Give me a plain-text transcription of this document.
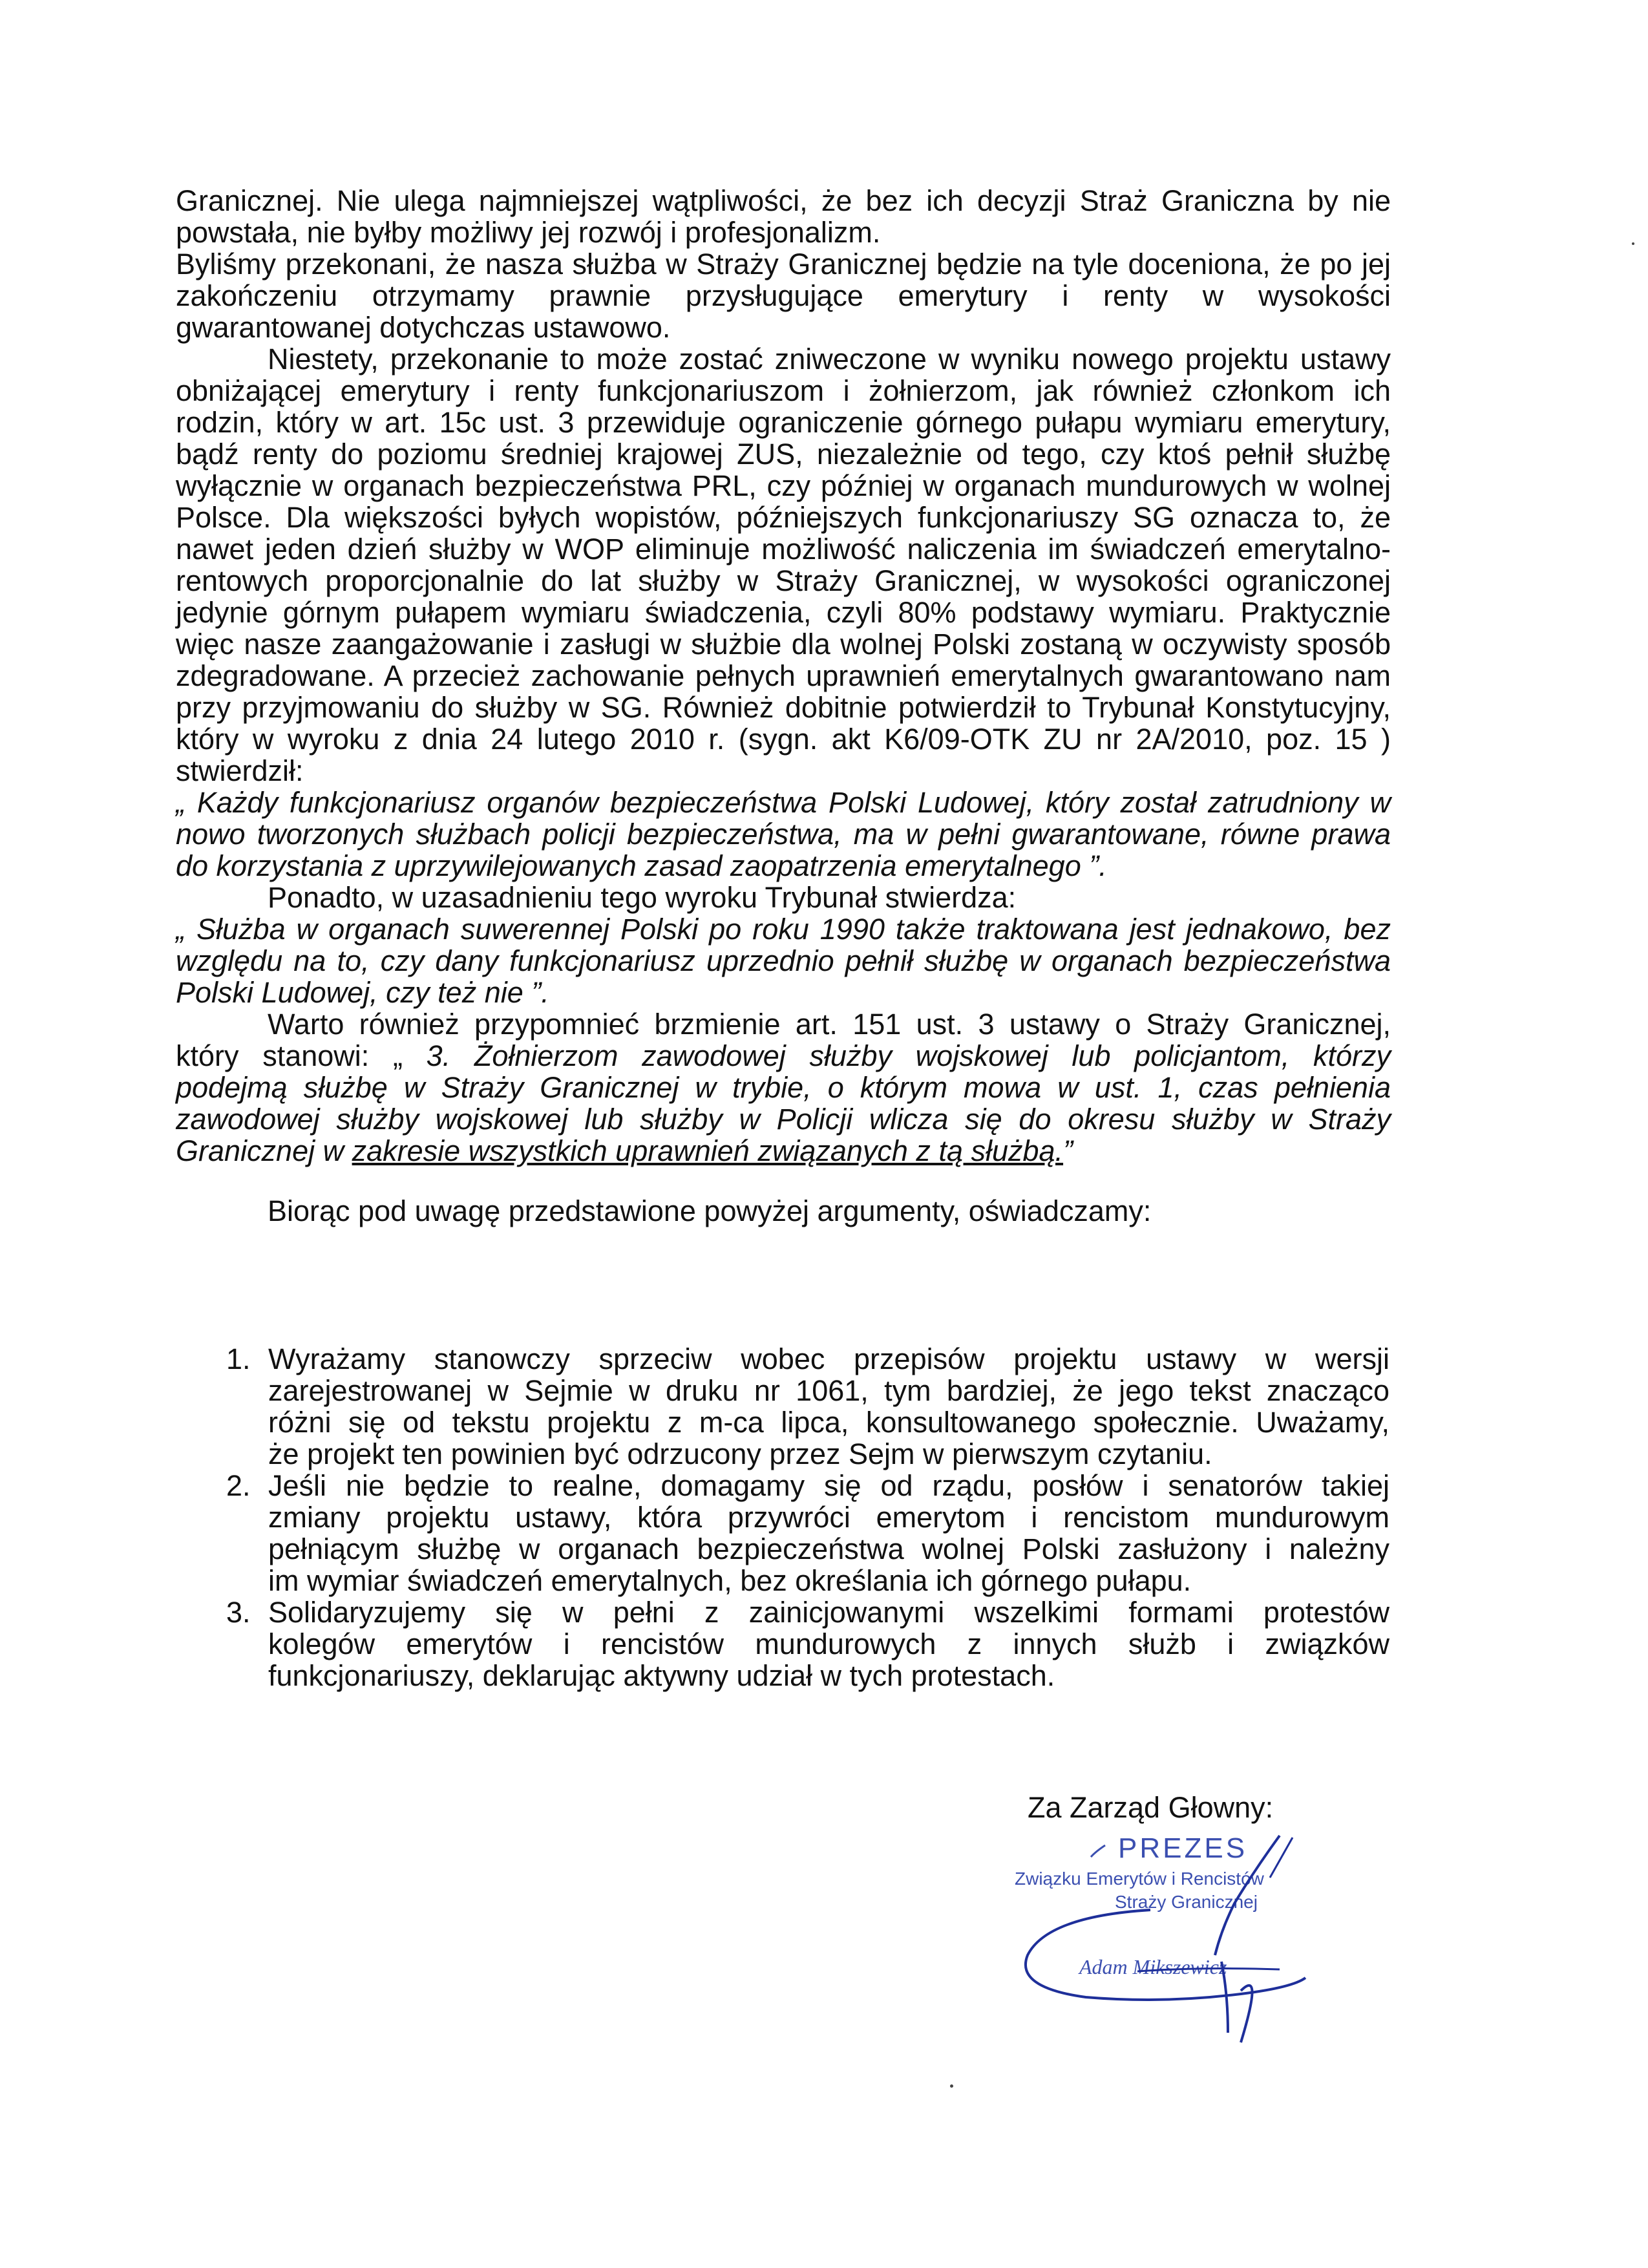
Granicznej. Nie ulega najmniejszej wątpliwości, że bez ich decyzji Straż Graniczna by nie
powstała, nie byłby możliwy jej rozwój i profesjonalizm.
Byliśmy przekonani, że nasza służba w Straży Granicznej będzie na tyle doceniona, że po jej
zakończeniu otrzymamy prawnie przysługujące emerytury i renty w wysokości
gwarantowanej dotychczas ustawowo.
Niestety, przekonanie to może zostać zniweczone w wyniku nowego projektu ustawy
obniżającej emerytury i renty funkcjonariuszom i żołnierzom, jak również członkom ich
rodzin, który w art. 15c ust. 3 przewiduje ograniczenie górnego pułapu wymiaru emerytury,
bądź renty do poziomu średniej krajowej ZUS, niezależnie od tego, czy ktoś pełnił służbę
wyłącznie w organach bezpieczeństwa PRL, czy później w organach mundurowych w wolnej
Polsce. Dla większości byłych wopistów, późniejszych funkcjonariuszy SG oznacza to, że
nawet jeden dzień służby w WOP eliminuje możliwość naliczenia im świadczeń emerytalno-
rentowych proporcjonalnie do lat służby w Straży Granicznej, w wysokości ograniczonej
jedynie górnym pułapem wymiaru świadczenia, czyli 80% podstawy wymiaru. Praktycznie
więc nasze zaangażowanie i zasługi w służbie dla wolnej Polski zostaną w oczywisty sposób
zdegradowane. A przecież zachowanie pełnych uprawnień emerytalnych gwarantowano nam
przy przyjmowaniu do służby w SG. Również dobitnie potwierdził to Trybunał Konstytucyjny,
który w wyroku z dnia 24 lutego 2010 r. (sygn. akt K6/09-OTK ZU nr 2A/2010, poz. 15 )
stwierdził:
„ Każdy funkcjonariusz organów bezpieczeństwa Polski Ludowej, który został zatrudniony w
nowo tworzonych służbach policji bezpieczeństwa, ma w pełni gwarantowane, równe prawa
do korzystania z uprzywilejowanych zasad zaopatrzenia emerytalnego ”.
Ponadto, w uzasadnieniu tego wyroku Trybunał stwierdza:
„ Służba w organach suwerennej Polski po roku 1990 także traktowana jest jednakowo, bez
względu na to, czy dany funkcjonariusz uprzednio pełnił służbę w organach bezpieczeństwa
Polski Ludowej, czy też nie ”.
Warto również przypomnieć brzmienie art. 151 ust. 3 ustawy o Straży Granicznej,
który stanowi: „ 3. Żołnierzom zawodowej służby wojskowej lub policjantom, którzy
podejmą służbę w Straży Granicznej w trybie, o którym mowa w ust. 1, czas pełnienia
zawodowej służby wojskowej lub służby w Policji wlicza się do okresu służby w Straży
Granicznej w zakresie wszystkich uprawnień związanych z tą służbą.”
Biorąc pod uwagę przedstawione powyżej argumenty, oświadczamy:
1. Wyrażamy stanowczy sprzeciw wobec przepisów projektu ustawy w wersji
zarejestrowanej w Sejmie w druku nr 1061, tym bardziej, że jego tekst znacząco
różni się od tekstu projektu z m-ca lipca, konsultowanego społecznie. Uważamy,
że projekt ten powinien być odrzucony przez Sejm w pierwszym czytaniu.
2. Jeśli nie będzie to realne, domagamy się od rządu, posłów i senatorów takiej
zmiany projektu ustawy, która przywróci emerytom i rencistom mundurowym
pełniącym służbę w organach bezpieczeństwa wolnej Polski zasłużony i należny
im wymiar świadczeń emerytalnych, bez określania ich górnego pułapu.
3. Solidaryzujemy się w pełni z zainicjowanymi wszelkimi formami protestów
kolegów emerytów i rencistów mundurowych z innych służb i związków
funkcjonariuszy, deklarując aktywny udział w tych protestach.
Za Zarząd Głowny:
PREZES
Związku Emerytów i Rencistów
Straży Granicznej
Adam Mikszewicz
